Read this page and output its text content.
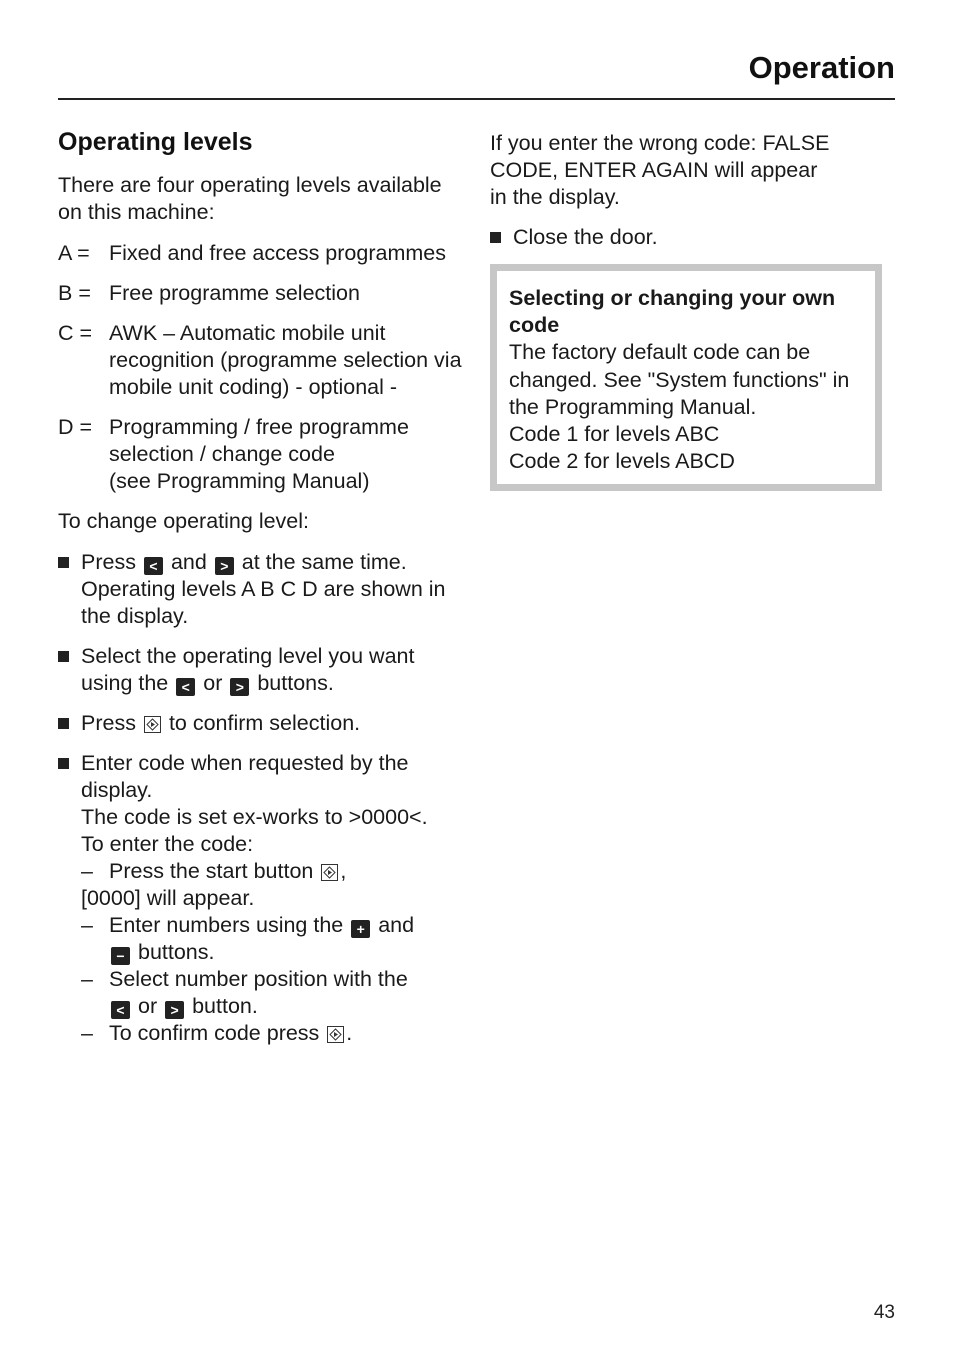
Operation
Operating levels

There are four operating levels available on this machine:

A = Fixed and free access programmes
B = Free programme selection
C = AWK – Automatic mobile unit recognition (programme selection via mobile unit coding) - optional -
D = Programming / free programme selection / change code
(see Programming Manual)

To change operating level:

Press < and > at the same time.
Operating levels A B C D are shown in the display.
Select the operating level you want using the < or > buttons.
Press to confirm selection.
Enter code when requested by the display.
The code is set ex-works to >0000<.
To enter the code:
– Press the start button ,
[0000] will appear.
– Enter numbers using the + and
− buttons.
– Select number position with the
< or > button.
– To confirm code press .

If you enter the wrong code: FALSE CODE, ENTER AGAIN will appear in the display.

Close the door.

Selecting or changing your own code

The factory default code can be changed. See "System functions" in the Programming Manual.

Code 1 for levels ABC

Code 2 for levels ABCD

43
